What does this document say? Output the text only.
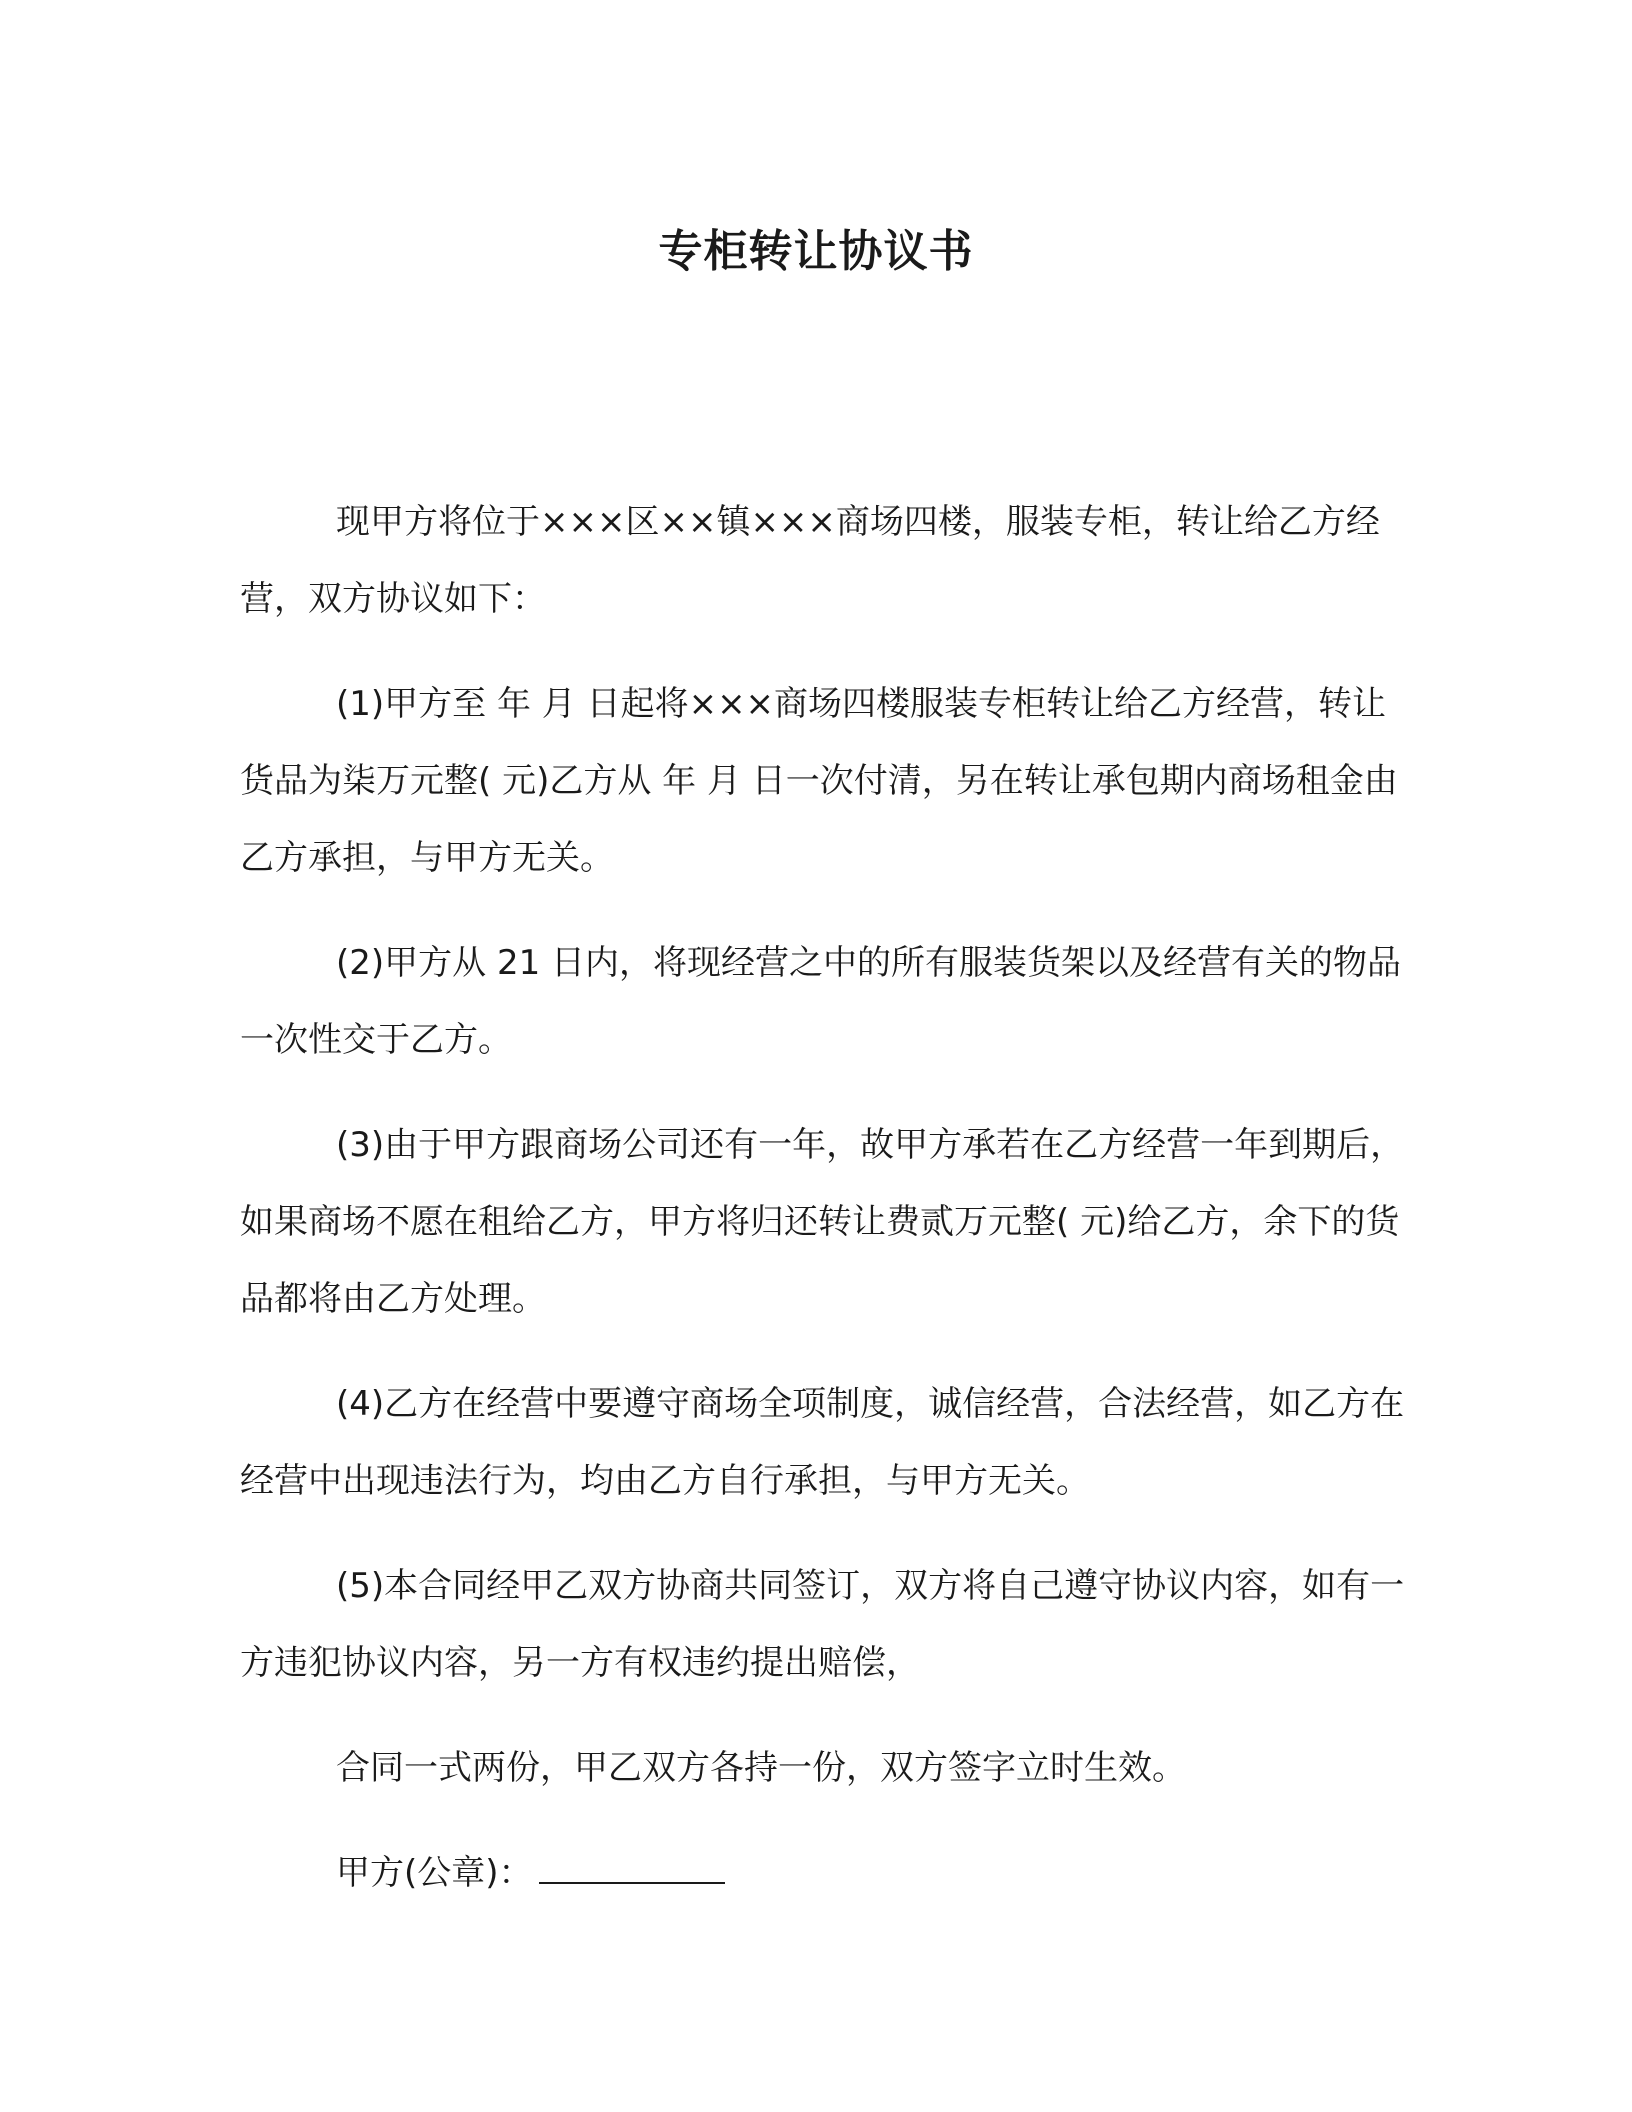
专柜转让协议书

现甲方将位于×××区××镇×××商场四楼，服装专柜，转让给乙方经营，双方协议如下：

(1)甲方至 年 月 日起将×××商场四楼服装专柜转让给乙方经营，转让货品为柒万元整( 元)乙方从 年 月 日一次付清，另在转让承包期内商场租金由乙方承担，与甲方无关。

(2)甲方从 21 日内，将现经营之中的所有服装货架以及经营有关的物品一次性交于乙方。

(3)由于甲方跟商场公司还有一年，故甲方承若在乙方经营一年到期后，如果商场不愿在租给乙方，甲方将归还转让费贰万元整( 元)给乙方，余下的货品都将由乙方处理。

(4)乙方在经营中要遵守商场全项制度，诚信经营，合法经营，如乙方在经营中出现违法行为，均由乙方自行承担，与甲方无关。

(5)本合同经甲乙双方协商共同签订，双方将自己遵守协议内容，如有一方违犯协议内容，另一方有权违约提出赔偿，

合同一式两份，甲乙双方各持一份，双方签字立时生效。

甲方(公章)：
